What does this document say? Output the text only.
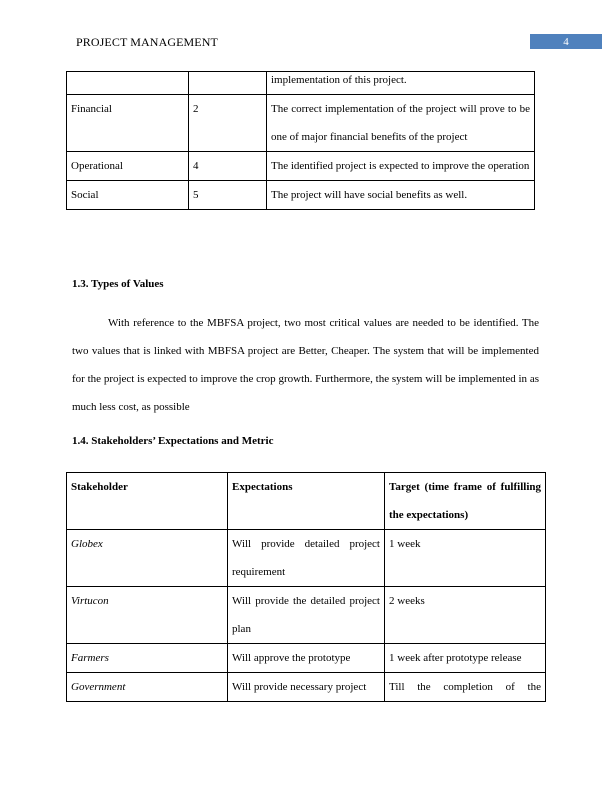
PROJECT MANAGEMENT	4
		implementation of this project.
Financial	2	The correct implementation of the project will prove to be one of major financial benefits of the project
Operational	4	The identified project is expected to improve the operation
Social	5	The project will have social benefits as well.
1.3. Types of Values
With reference to the MBFSA project, two most critical values are needed to be identified. The two values that is linked with MBFSA project are Better, Cheaper. The system that will be implemented for the project is expected to improve the crop growth. Furthermore, the system will be implemented in as much less cost, as possible
1.4. Stakeholders’ Expectations and Metric
Stakeholder	Expectations	Target (time frame of fulfilling the expectations)
Globex	Will provide detailed project requirement	1 week
Virtucon	Will provide the detailed project plan	2 weeks
Farmers	Will approve the prototype	1 week after prototype release
Government	Will provide necessary project	Till the completion of the
